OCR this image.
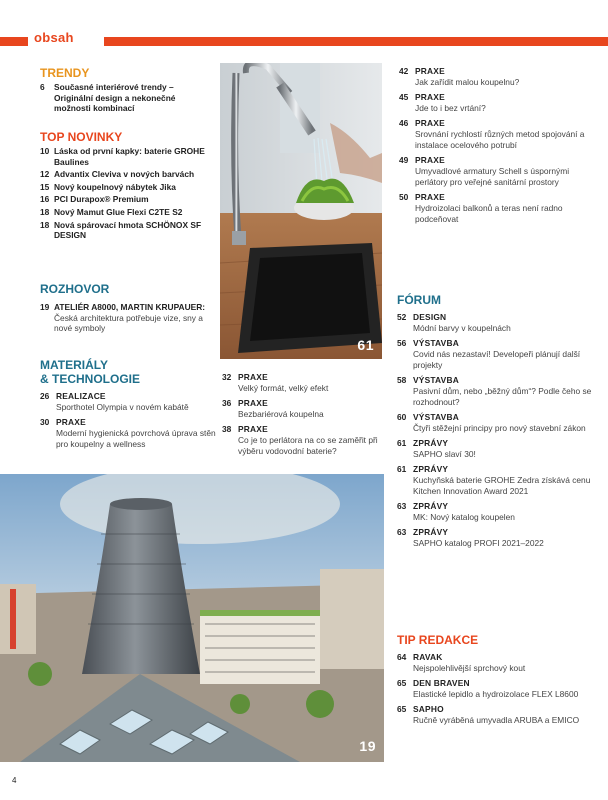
obsah
TRENDY
6	Současné interiérové trendy – Originální design a nekonečné možnosti kombinací
TOP NOVINKY
10 Láska od první kapky: baterie GROHE Baulines
12 Advantix Cleviva v nových barvách
15 Nový koupelnový nábytek Jika
16 PCI Durapox® Premium
18 Nový Mamut Glue Flexi C2TE S2
18 Nová spárovací hmota SCHÖNOX SF DESIGN
ROZHOVOR
19 ATELIÉR A8000, MARTIN KRUPAUER:
Česká architektura potřebuje vize, sny a nové symboly
MATERIÁLY
& TECHNOLOGIE
26 REALIZACE
Sporthotel Olympia v novém kabátě
30 PRAXE
Moderní hygienická povrchová úprava stěn pro koupelny a wellness
61
32 PRAXE
Velký formát, velký efekt
36 PRAXE
Bezbariérová koupelna
38 PRAXE
Co je to perlátora na co se zaměřit při výběru vodovodní baterie?
19
42 PRAXE
Jak zařídit malou koupelnu?
45 PRAXE
Jde to i bez vrtání?
46 PRAXE
Srovnání rychlostí různých metod spojování a instalace ocelového potrubí
49 PRAXE
Umyvadlové armatury Schell s úspornými perlátory pro veřejné sanitární prostory
50 PRAXE
Hydroizolaci balkonů a teras není radno podceňovat
FÓRUM
52 DESIGN
Módní barvy v koupelnách
56 VÝSTAVBA
Covid nás nezastaví! Developeři plánují další projekty
58 VÝSTAVBA
Pasivní dům, nebo „běžný dům“? Podle čeho se rozhodnout?
60 VÝSTAVBA
Čtyři stěžejní principy pro nový stavební zákon
61 ZPRÁVY
SAPHO slaví 30!
61 ZPRÁVY
Kuchyňská baterie GROHE Zedra získává cenu Kitchen Innovation Award 2021
63 ZPRÁVY
MK: Nový katalog koupelen
63 ZPRÁVY
SAPHO katalog PROFI 2021–2022
TIP REDAKCE
64 RAVAK
Nejspolehlivější sprchový kout
65 DEN BRAVEN
Elastické lepidlo a hydroizolace FLEX L8600
65 SAPHO
Ručně vyráběná umyvadla ARUBA a EMICO
4
